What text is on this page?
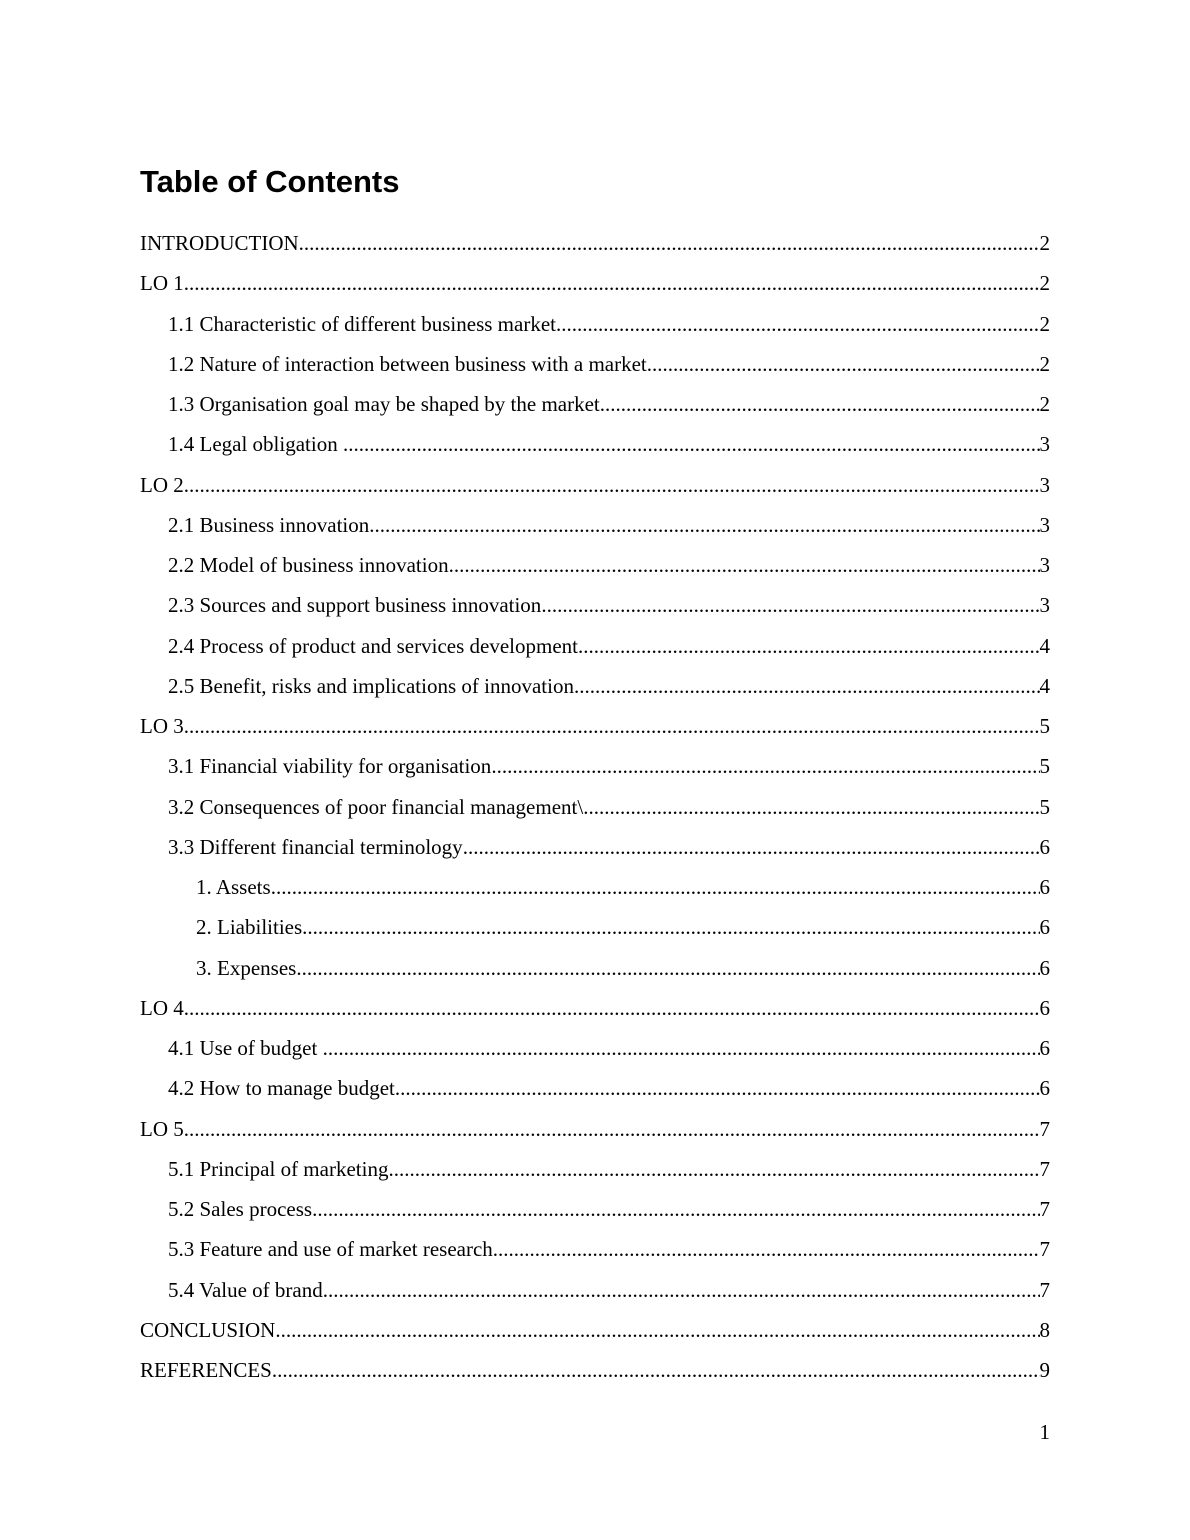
Table of Contents
INTRODUCTION .....	2
LO 1 .....	2
1.1 Characteristic of different business market .....	2
1.2 Nature of interaction between business with a market .....	2
1.3 Organisation goal may be shaped by the market .....	2
1.4 Legal obligation .....	3
LO 2 .....	3
2.1 Business innovation .....	3
2.2 Model of business innovation .....	3
2.3 Sources and support business innovation .....	3
2.4 Process of product and services development .....	4
2.5 Benefit, risks and implications of innovation .....	4
LO 3 .....	5
3.1 Financial viability for organisation .....	5
3.2 Consequences of poor financial management\ .....	5
3.3 Different financial terminology .....	6
1. Assets .....	6
2. Liabilities .....	6
3. Expenses .....	6
LO 4 .....	6
4.1 Use of budget .....	6
4.2 How to manage budget .....	6
LO 5 .....	7
5.1 Principal of marketing .....	7
5.2 Sales process .....	7
5.3 Feature and use of market research .....	7
5.4 Value of brand .....	7
CONCLUSION .....	8
REFERENCES .....	9
1
